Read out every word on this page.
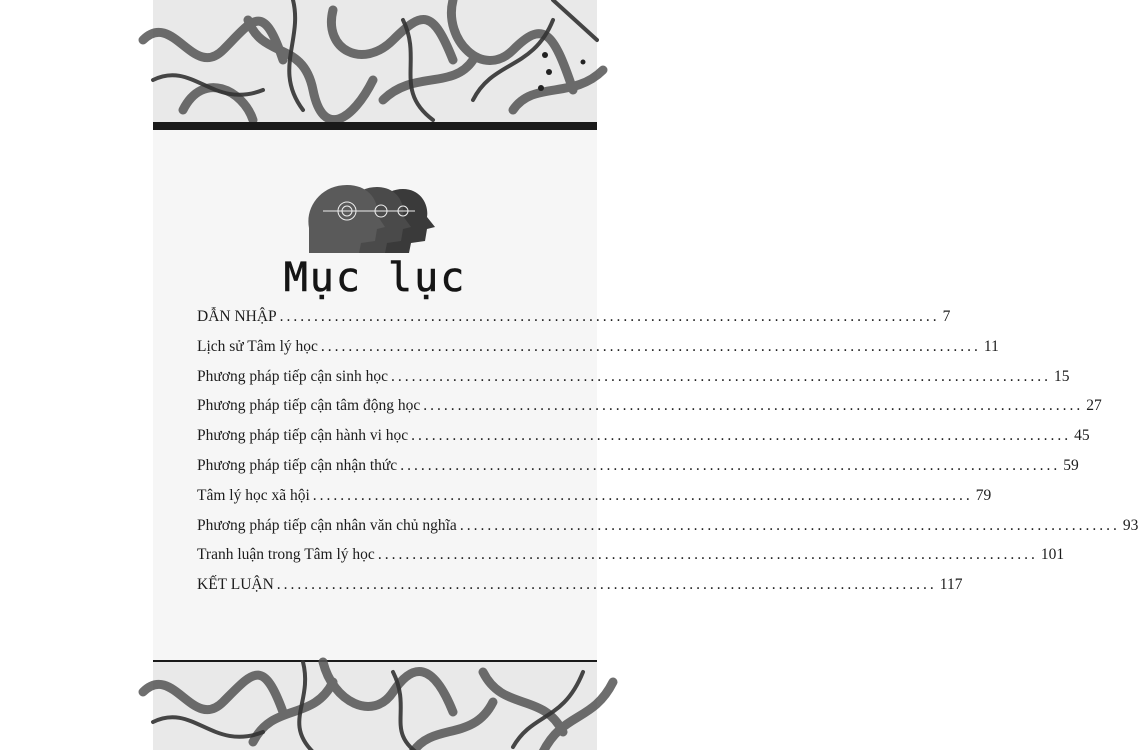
Mục lục
DẪN NHẬP ................................................................................................ 7
Lịch sử Tâm lý học ................................................................................................ 11
Phương pháp tiếp cận sinh học ................................................................................................ 15
Phương pháp tiếp cận tâm động học ................................................................................................ 27
Phương pháp tiếp cận hành vi học ................................................................................................ 45
Phương pháp tiếp cận nhận thức ................................................................................................ 59
Tâm lý học xã hội ................................................................................................ 79
Phương pháp tiếp cận nhân văn chủ nghĩa ................................................................................................ 93
Tranh luận trong Tâm lý học ................................................................................................ 101
KẾT LUẬN ................................................................................................ 117
